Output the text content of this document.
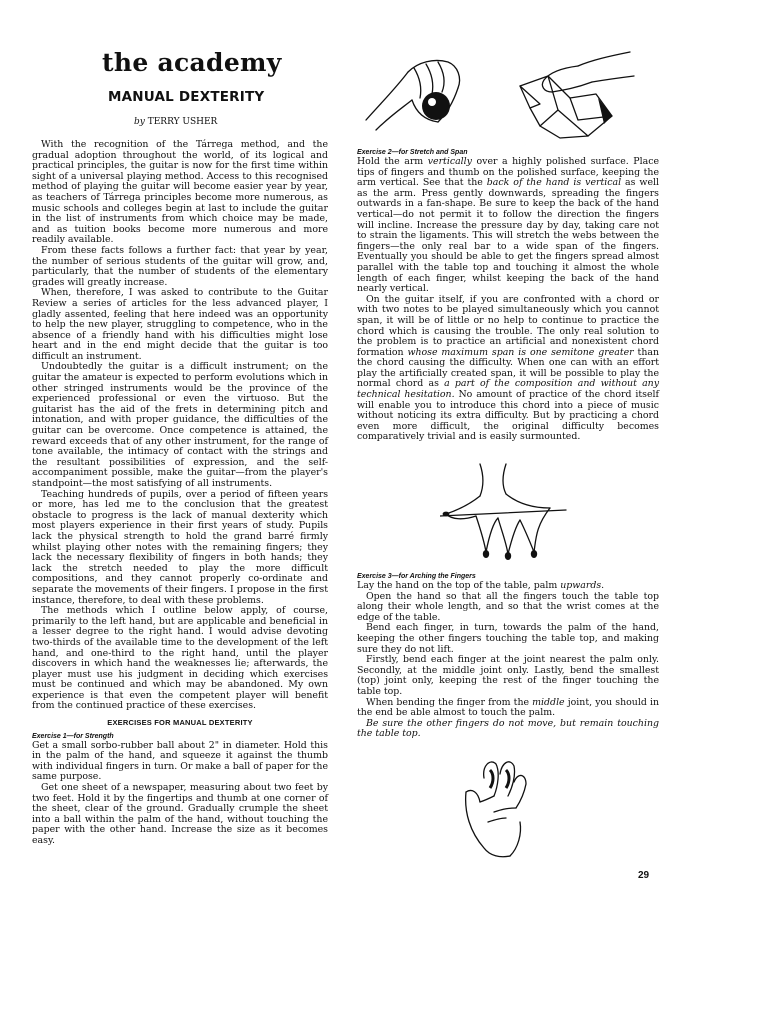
the academy
MANUAL DEXTERITY
by TERRY USHER

With the recognition of the Tárrega method, and the gradual adoption throughout the world, of its logical and practical principles, the guitar is now for the first time within sight of a universal playing method. Access to this recognised method of playing the guitar will become easier year by year, as teachers of Tárrega principles become more numerous, as music schools and colleges begin at last to include the guitar in the list of instruments from which choice may be made, and as tuition books become more numerous and more readily available.

From these facts follows a further fact: that year by year, the number of serious students of the guitar will grow, and, particularly, that the number of students of the elementary grades will greatly increase.

When, therefore, I was asked to contribute to the Guitar Review a series of articles for the less advanced player, I gladly assented, feeling that here indeed was an opportunity to help the new player, struggling to competence, who in the absence of a friendly hand with his difficulties might lose heart and in the end might decide that the guitar is too difficult an instrument.

Undoubtedly the guitar is a difficult instrument; on the guitar the amateur is expected to perform evolutions which in other stringed instruments would be the province of the experienced professional or even the virtuoso. But the guitarist has the aid of the frets in determining pitch and intonation, and with proper guidance, the difficulties of the guitar can be overcome. Once competence is attained, the reward exceeds that of any other instrument, for the range of tone available, the intimacy of contact with the strings and the resultant possibilities of expression, and the self-accompaniment possible, make the guitar—from the player's standpoint—the most satisfying of all instruments.

Teaching hundreds of pupils, over a period of fifteen years or more, has led me to the conclusion that the greatest obstacle to progress is the lack of manual dexterity which most players experience in their first years of study. Pupils lack the physical strength to hold the grand barré firmly whilst playing other notes with the remaining fingers; they lack the necessary flexibility of fingers in both hands; they lack the stretch needed to play the more difficult compositions, and they cannot properly co-ordinate and separate the movements of their fingers. I propose in the first instance, therefore, to deal with these problems.

The methods which I outline below apply, of course, primarily to the left hand, but are applicable and beneficial in a lesser degree to the right hand. I would advise devoting two-thirds of the available time to the development of the left hand, and one-third to the right hand, until the player discovers in which hand the weaknesses lie; afterwards, the player must use his judgment in deciding which exercises must be continued and which may be abandoned. My own experience is that even the competent player will benefit from the continued practice of these exercises.

EXERCISES FOR MANUAL DEXTERITY
Exercise 1—for Strength

Get a small sorbo-rubber ball about 2" in diameter. Hold this in the palm of the hand, and squeeze it against the thumb with individual fingers in turn. Or make a ball of paper for the same purpose.

Get one sheet of a newspaper, measuring about two feet by two feet. Hold it by the fingertips and thumb at one corner of the sheet, clear of the ground. Gradually crumple the sheet into a ball within the palm of the hand, without touching the paper with the other hand. Increase the size as it becomes easy.

Exercise 2—for Stretch and Span

Hold the arm vertically over a highly polished surface. Place tips of fingers and thumb on the polished surface, keeping the arm vertical. See that the back of the hand is vertical as well as the arm. Press gently downwards, spreading the fingers outwards in a fan-shape. Be sure to keep the back of the hand vertical—do not permit it to follow the direction the fingers will incline. Increase the pressure day by day, taking care not to strain the ligaments. This will stretch the webs between the fingers—the only real bar to a wide span of the fingers. Eventually you should be able to get the fingers spread almost parallel with the table top and touching it almost the whole length of each finger, whilst keeping the back of the hand nearly vertical.

On the guitar itself, if you are confronted with a chord or with two notes to be played simultaneously which you cannot span, it will be of little or no help to continue to practice the chord which is causing the trouble. The only real solution to the problem is to practice an artificial and nonexistent chord formation whose maximum span is one semitone greater than the chord causing the difficulty. When one can with an effort play the artificially created span, it will be possible to play the normal chord as a part of the composition and without any technical hesitation. No amount of practice of the chord itself will enable you to introduce this chord into a piece of music without noticing its extra difficulty. But by practicing a chord even more difficult, the original difficulty becomes comparatively trivial and is easily surmounted.

Exercise 3—for Arching the Fingers

Lay the hand on the top of the table, palm upwards.

Open the hand so that all the fingers touch the table top along their whole length, and so that the wrist comes at the edge of the table.

Bend each finger, in turn, towards the palm of the hand, keeping the other fingers touching the table top, and making sure they do not lift.

Firstly, bend each finger at the joint nearest the palm only. Secondly, at the middle joint only. Lastly, bend the smallest (top) joint only, keeping the rest of the finger touching the table top.

When bending the finger from the middle joint, you should in the end be able almost to touch the palm.

Be sure the other fingers do not move, but remain touching the table top.

29
